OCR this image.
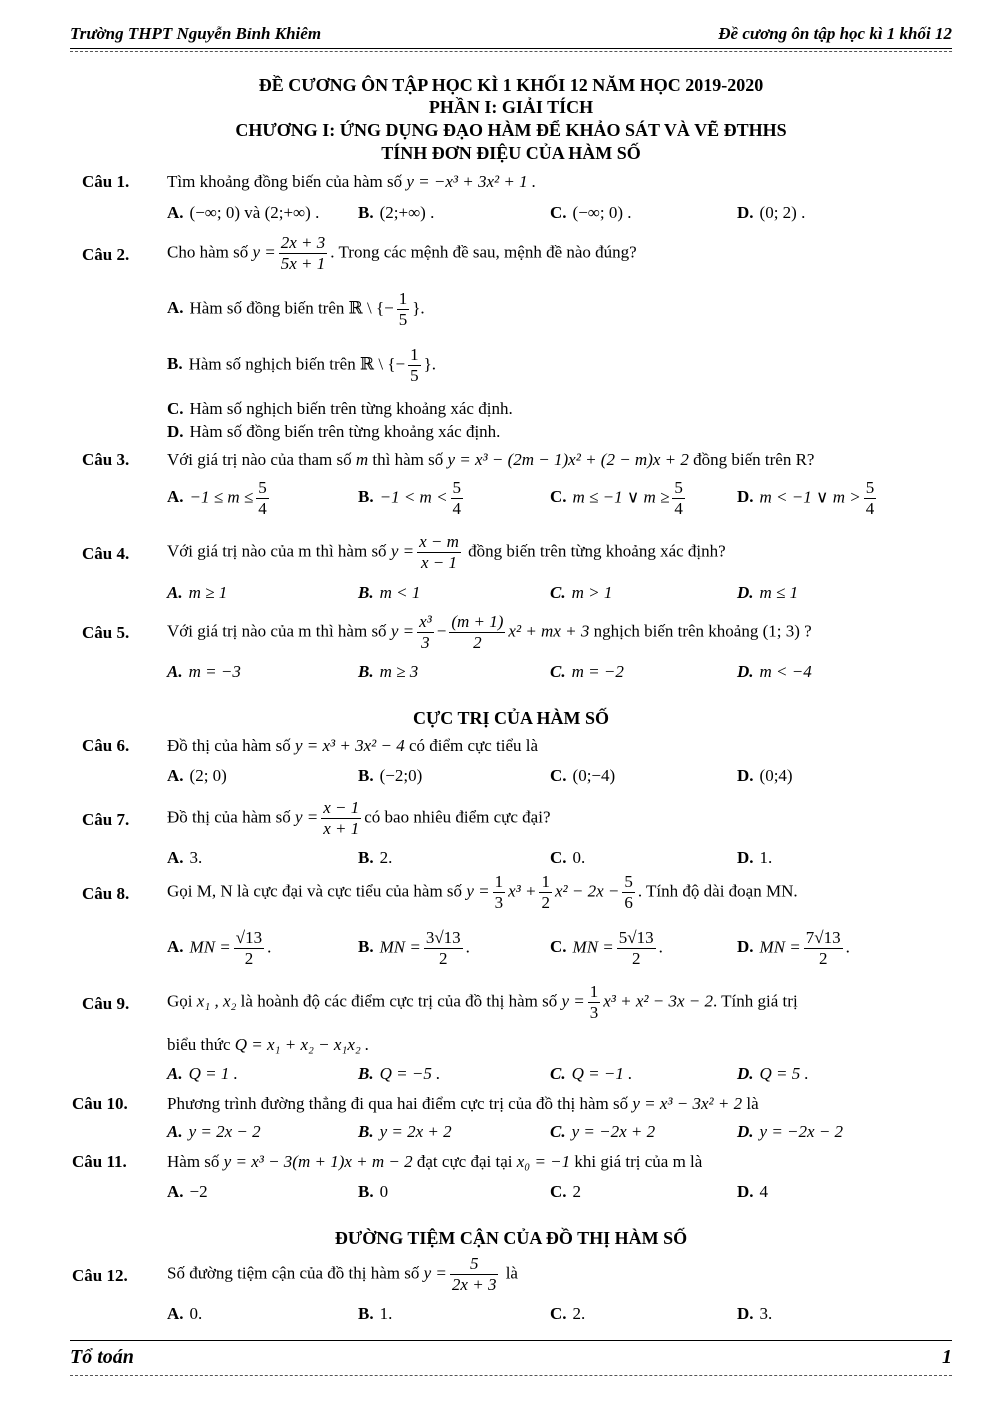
Trường THPT Nguyễn Bỉnh Khiêm	Đề cương ôn tập học kì 1 khối 12
ĐỀ CƯƠNG ÔN TẬP HỌC KÌ 1 KHỐI 12 NĂM HỌC 2019-2020
PHẦN I: GIẢI TÍCH
CHƯƠNG I: ỨNG DỤNG ĐẠO HÀM ĐỂ KHẢO SÁT VÀ VẼ ĐTHHS
TÍNH ĐƠN ĐIỆU CỦA HÀM SỐ
Câu 1. Tìm khoảng đồng biến của hàm số y = −x³ + 3x² + 1 .
A. (−∞; 0) và (2;+∞) . B. (2;+∞) .	C. (−∞; 0) .	D. (0; 2) .
Câu 2. Cho hàm số $y = \frac{2x + 3}{5x + 1}$ . Trong các mệnh đề sau, mệnh đề nào đúng?
A. Hàm số đồng biến trên ℝ \ {− $\frac{1}{5}$ }.
B. Hàm số nghịch biến trên ℝ \ {− $\frac{1}{5}$ }.
C. Hàm số nghịch biến trên từng khoảng xác định.
D. Hàm số đồng biến trên từng khoảng xác định.
Câu 3. Với giá trị nào của tham số m thì hàm số y = x³ − (2m − 1)x² + (2 − m)x + 2 đồng biến trên R?
A. $-1 \le m \le \frac{5}{4}$	B. $-1 < m < \frac{5}{4}$	C. m ≤ −1 ∨ $m \ge \frac{5}{4}$	D. m < −1 ∨ $m > \frac{5}{4}$
Câu 4. Với giá trị nào của m thì hàm số $y = \frac{x - m}{x - 1}$ đồng biến trên từng khoảng xác định?
A. m ≥ 1	B. m < 1	C. m > 1	D. m ≤ 1
Câu 5. Với giá trị nào của m thì hàm số $y = \frac{\text{x³}}{3} - \frac{(m + 1)}{2} x^2$ + mx + 3 nghịch biến trên khoảng (1; 3) ?
A. m = −3	B. m ≥ 3	C. m = −2	D. m < −4
CỰC TRỊ CỦA HÀM SỐ
Câu 6. Đồ thị của hàm số y = x³ + 3x² − 4 có điểm cực tiểu là
A. (2; 0)	B. (−2;0)	C. (0;−4)	D. (0;4)
Câu 7. Đồ thị của hàm số $y = \frac{x - 1}{x + 1}$ có bao nhiêu điểm cực đại?
A. 3.	B. 2.	C. 0.	D. 1.
Câu 8. Gọi M, N là cực đại và cực tiểu của hàm số $y = \frac{1}{3} x^3 + \frac{1}{2} x^2 - 2x - \frac{5}{6}$ . Tính độ dài đoạn MN.
A. MN = $\frac{√13}{2}$ .	B. MN = $\frac{3√13}{2}$ .	C. MN = $\frac{5√13}{2}$ .	D. MN = $\frac{7√13}{2}$ .
Câu 9. Gọi x₁ , x₂ là hoành độ các điểm cực trị của đồ thị hàm số $y = \frac{1}{3} x^3 + x^2 - 3x - 2$. Tính giá trị
biểu thức Q = x₁ + x₂ − x₁x₂ .
A. Q = 1 .	B. Q = −5 .	C. Q = −1 .	D. Q = 5 .
Câu 10. Phương trình đường thẳng đi qua hai điểm cực trị của đồ thị hàm số y = x³ − 3x² + 2 là
A. y = 2x − 2	B. y = 2x + 2	C. y = −2x + 2	D. y = −2x − 2
Câu 11. Hàm số y = x³ − 3(m + 1)x + m − 2 đạt cực đại tại x₀ = −1 khi giá trị của m là
A. −2	B. 0	C. 2	D. 4
ĐƯỜNG TIỆM CẬN CỦA ĐỒ THỊ HÀM SỐ
Câu 12. Số đường tiệm cận của đồ thị hàm số $y = \frac{5}{2x + 3}$ là
A. 0.	B. 1.	C. 2.	D. 3.
Tổ toán	1
